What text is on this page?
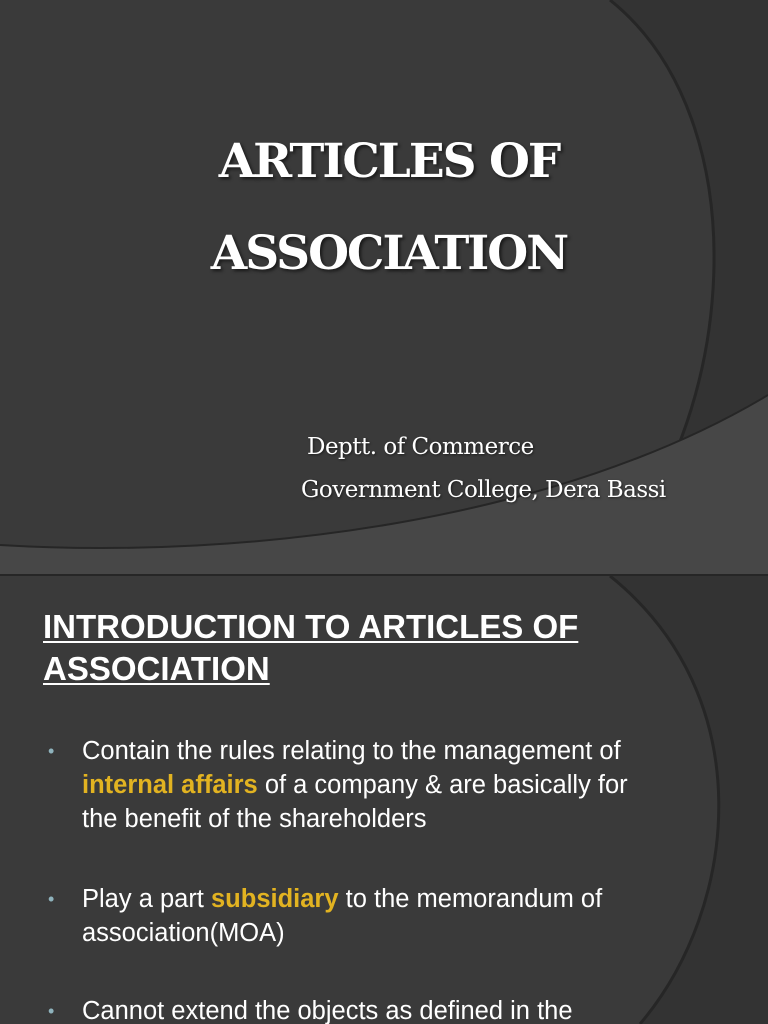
ARTICLES OF
ASSOCIATION
Deptt. of Commerce
Government College, Dera Bassi
INTRODUCTION TO ARTICLES OF
ASSOCIATION
• Contain the rules relating to the management of
internal affairs of a company & are basically for
the benefit of the shareholders
• Play a part subsidiary to the memorandum of
association(MOA)
• Cannot extend the objects as defined in the
